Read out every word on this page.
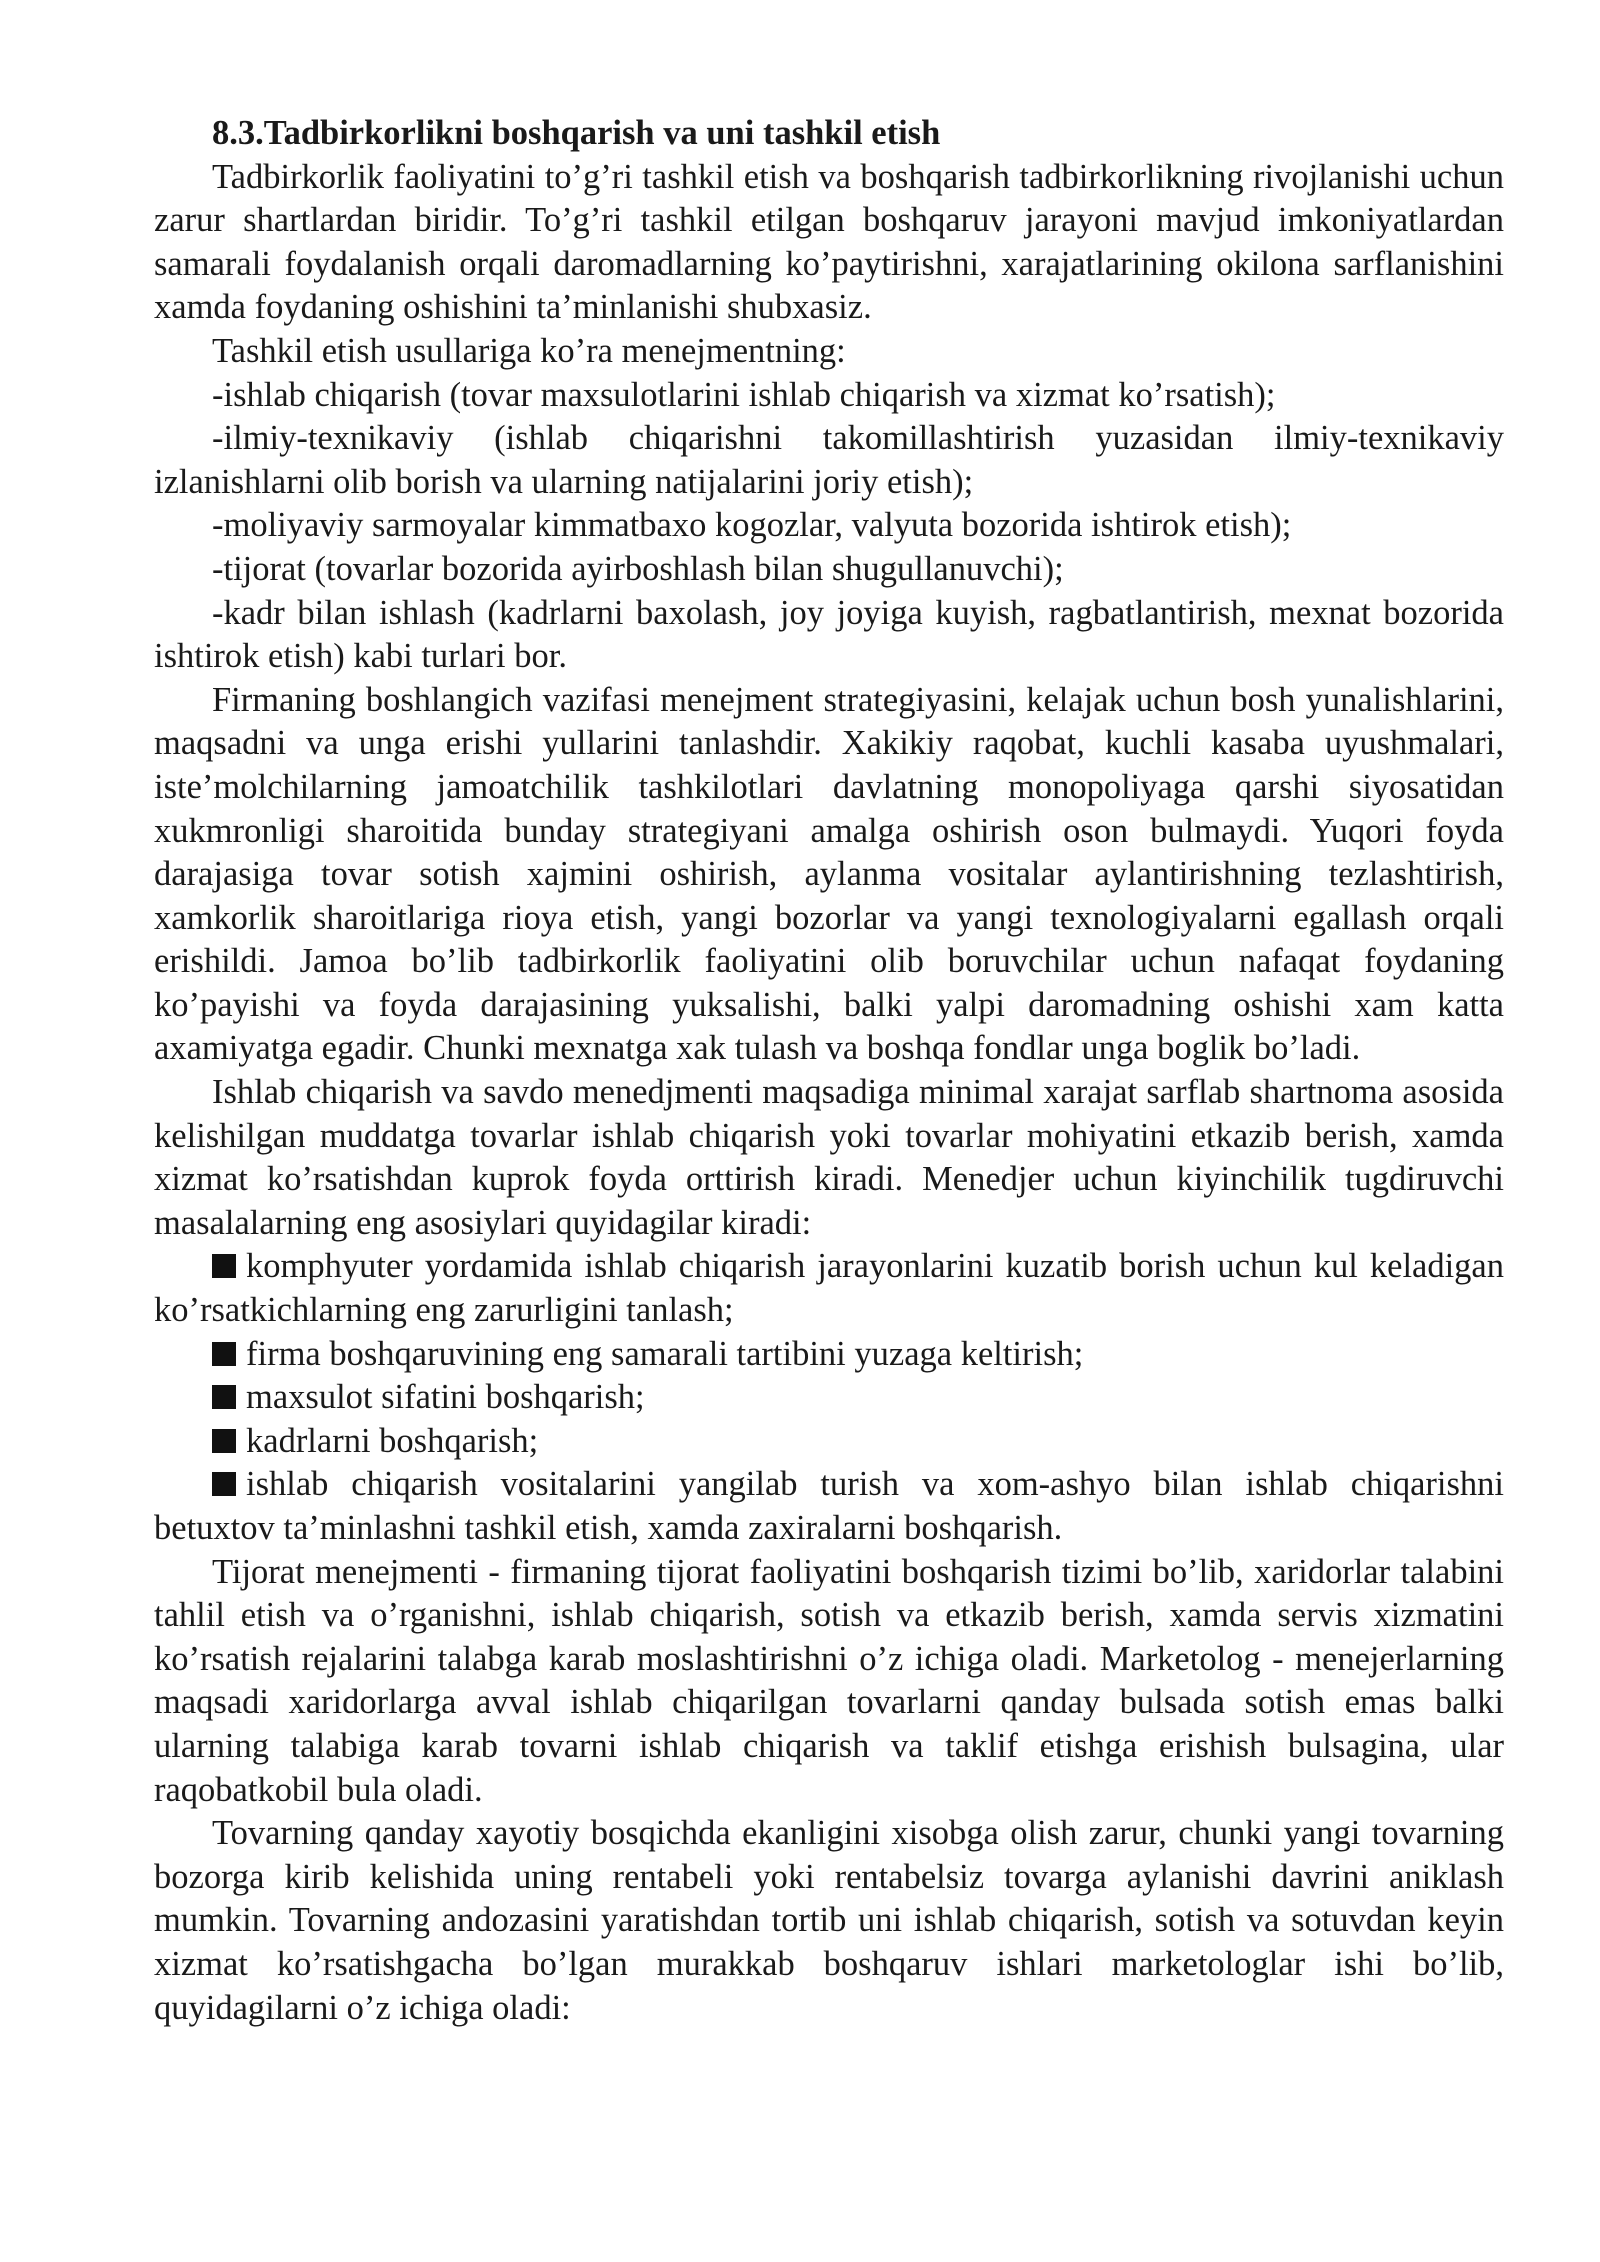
8.3.Tadbirkorlikni boshqarish va uni tashkil etish

Tadbirkorlik faoliyatini to’g’ri tashkil etish va boshqarish tadbirkorlikning rivojlanishi uchun zarur shartlardan biridir. To’g’ri tashkil etilgan boshqaruv jarayoni mavjud imkoniyatlardan samarali foydalanish orqali daromadlarning ko’paytirishni, xarajatlarining okilona sarflanishini xamda foydaning oshishini ta’minlanishi shubxasiz.

Tashkil etish usullariga ko’ra menejmentning:

-ishlab chiqarish (tovar maxsulotlarini ishlab chiqarish va xizmat ko’rsatish);

-ilmiy-texnikaviy (ishlab chiqarishni takomillashtirish yuzasidan ilmiy-texnikaviy izlanishlarni olib borish va ularning natijalarini joriy etish);

-moliyaviy sarmoyalar kimmatbaxo kogozlar, valyuta bozorida ishtirok etish);

-tijorat (tovarlar bozorida ayirboshlash bilan shugullanuvchi);

-kadr bilan ishlash (kadrlarni baxolash, joy joyiga kuyish, ragbatlantirish, mexnat bozorida ishtirok etish) kabi turlari bor.

Firmaning boshlangich vazifasi menejment strategiyasini, kelajak uchun bosh yunalishlarini, maqsadni va unga erishi yullarini tanlashdir. Xakikiy raqobat, kuchli kasaba uyushmalari, iste’molchilarning jamoatchilik tashkilotlari davlatning monopoliyaga qarshi siyosatidan xukmronligi sharoitida bunday strategiyani amalga oshirish oson bulmaydi. Yuqori foyda darajasiga tovar sotish xajmini oshirish, aylanma vositalar aylantirishning tezlashtirish, xamkorlik sharoitlariga rioya etish, yangi bozorlar va yangi texnologiyalarni egallash orqali erishildi. Jamoa bo’lib tadbirkorlik faoliyatini olib boruvchilar uchun nafaqat foydaning ko’payishi va foyda darajasining yuksalishi, balki yalpi daromadning oshishi xam katta axamiyatga egadir. Chunki mexnatga xak tulash va boshqa fondlar unga boglik bo’ladi.

Ishlab chiqarish va savdo menedjmenti maqsadiga minimal xarajat sarflab shartnoma asosida kelishilgan muddatga tovarlar ishlab chiqarish yoki tovarlar mohiyatini etkazib berish, xamda xizmat ko’rsatishdan kuprok foyda orttirish kiradi. Menedjer uchun kiyinchilik tugdiruvchi masalalarning eng asosiylari quyidagilar kiradi:

komphyuter yordamida ishlab chiqarish jarayonlarini kuzatib borish uchun kul keladigan ko’rsatkichlarning eng zarurligini tanlash;

firma boshqaruvining eng samarali tartibini yuzaga keltirish;

maxsulot sifatini boshqarish;

kadrlarni boshqarish;

ishlab chiqarish vositalarini yangilab turish va xom-ashyo bilan ishlab chiqarishni betuxtov ta’minlashni tashkil etish, xamda zaxiralarni boshqarish.

Tijorat menejmenti - firmaning tijorat faoliyatini boshqarish tizimi bo’lib, xaridorlar talabini tahlil etish va o’rganishni, ishlab chiqarish, sotish va etkazib berish, xamda servis xizmatini ko’rsatish rejalarini talabga karab moslashtirishni o’z ichiga oladi. Marketolog - menejerlarning maqsadi xaridorlarga avval ishlab chiqarilgan tovarlarni qanday bulsada sotish emas balki ularning talabiga karab tovarni ishlab chiqarish va taklif etishga erishish bulsagina, ular raqobatkobil bula oladi.

Tovarning qanday xayotiy bosqichda ekanligini xisobga olish zarur, chunki yangi tovarning bozorga kirib kelishida uning rentabeli yoki rentabelsiz tovarga aylanishi davrini aniklash mumkin. Tovarning andozasini yaratishdan tortib uni ishlab chiqarish, sotish va sotuvdan keyin xizmat ko’rsatishgacha bo’lgan murakkab boshqaruv ishlari marketologlar ishi bo’lib, quyidagilarni o’z ichiga oladi:
